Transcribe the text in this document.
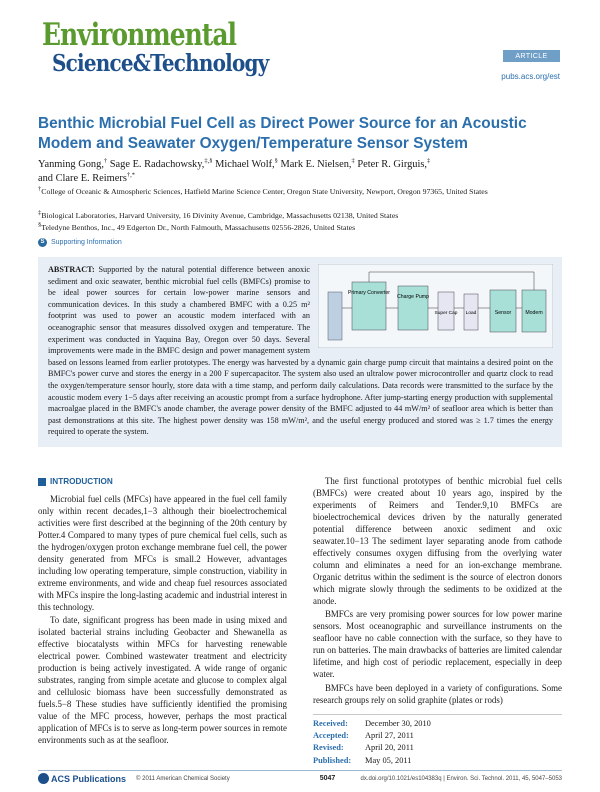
Environmental
Science&Technology	ARTICLE
pubs.acs.org/est
Benthic Microbial Fuel Cell as Direct Power Source for an Acoustic Modem and Seawater Oxygen/Temperature Sensor System
Yanming Gong,† Sage E. Radachowsky,‡,§ Michael Wolf,§ Mark E. Nielsen,‡ Peter R. Girguis,‡
and Clare E. Reimers†,*
†College of Oceanic & Atmospheric Sciences, Hatfield Marine Science Center, Oregon State University, Newport, Oregon 97365, United States
‡Biological Laboratories, Harvard University, 16 Divinity Avenue, Cambridge, Massachusetts 02138, United States
§Teledyne Benthos, Inc., 49 Edgerton Dr., North Falmouth, Massachusetts 02556-2826, United States
S Supporting Information
Primary Converter
Charge Pump
Super Cap Load	Sensor	Modem
ABSTRACT: Supported by the natural potential difference between anoxic sediment and oxic seawater, benthic microbial fuel cells (BMFCs) promise to be ideal power sources for certain low-power marine sensors and communication devices. In this study a chambered BMFC with a 0.25 m² footprint was used to power an acoustic modem interfaced with an oceanographic sensor that measures dissolved oxygen and temperature. The experiment was conducted in Yaquina Bay, Oregon over 50 days. Several improvements were made in the BMFC design and power management system based on lessons learned from earlier prototypes. The energy was harvested by a dynamic gain charge pump circuit that maintains a desired point on the BMFC's power curve and stores the energy in a 200 F supercapacitor. The system also used an ultralow power microcontroller and quartz clock to read the oxygen/temperature sensor hourly, store data with a time stamp, and perform daily calculations. Data records were transmitted to the surface by the acoustic modem every 1−5 days after receiving an acoustic prompt from a surface hydrophone. After jump-starting energy production with supplemental macroalgae placed in the BMFC's anode chamber, the average power density of the BMFC adjusted to 44 mW/m² of seafloor area which is better than past demonstrations at this site. The highest power density was 158 mW/m², and the useful energy produced and stored was ≥ 1.7 times the energy required to operate the system.
INTRODUCTION

Microbial fuel cells (MFCs) have appeared in the fuel cell family only within recent decades,1−3 although their bioelectrochemical activities were first described at the beginning of the 20th century by Potter.4 Compared to many types of pure chemical fuel cells, such as the hydrogen/oxygen proton exchange membrane fuel cell, the power density generated from MFCs is small.2 However, advantages including low operating temperature, simple construction, viability in extreme environments, and wide and cheap fuel resources associated with MFCs inspire the long-lasting academic and industrial interest in this technology.

To date, significant progress has been made in using mixed and isolated bacterial strains including Geobacter and Shewanella as effective biocatalysts within MFCs for harvesting renewable electrical power. Combined wastewater treatment and electricity production is being actively investigated. A wide range of organic substrates, ranging from simple acetate and glucose to complex algal and cellulosic biomass have been successfully demonstrated as fuels.5−8 These studies have sufficiently identified the promising value of the MFC process, however, perhaps the most practical application of MFCs is to serve as long-term power sources in remote environments such as at the seafloor.

The first functional prototypes of benthic microbial fuel cells (BMFCs) were created about 10 years ago, inspired by the experiments of Reimers and Tender.9,10 BMFCs are bioelectrochemical devices driven by the naturally generated potential difference between anoxic sediment and oxic seawater.10−13 The sediment layer separating anode from cathode effectively consumes oxygen diffusing from the overlying water column and eliminates a need for an ion-exchange membrane. Organic detritus within the sediment is the source of electron donors which migrate slowly through the sediments to be oxidized at the anode.

BMFCs are very promising power sources for low power marine sensors. Most oceanographic and surveillance instruments on the seafloor have no cable connection with the surface, so they have to run on batteries. The main drawbacks of batteries are limited calendar lifetime, and high cost of periodic replacement, especially in deep water.

BMFCs have been deployed in a variety of configurations. Some research groups rely on solid graphite (plates or rods)

Received:	December 30, 2010
Accepted:	April 27, 2011
Revised:	April 20, 2011
Published:	May 05, 2011
ACS Publications © 2011 American Chemical Society	5047	dx.doi.org/10.1021/es104383q | Environ. Sci. Technol. 2011, 45, 5047–5053
